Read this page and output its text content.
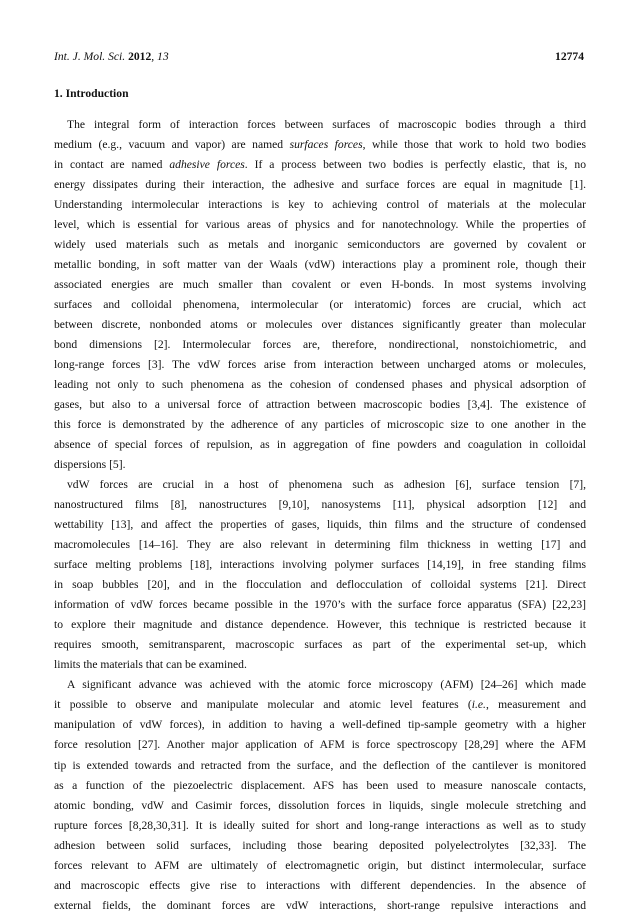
Int. J. Mol. Sci. 2012, 13	12774
1. Introduction
The integral form of interaction forces between surfaces of macroscopic bodies through a third
medium (e.g., vacuum and vapor) are named surfaces forces, while those that work to hold two bodies
in contact are named adhesive forces. If a process between two bodies is perfectly elastic, that is, no
energy dissipates during their interaction, the adhesive and surface forces are equal in magnitude [1].
Understanding intermolecular interactions is key to achieving control of materials at the molecular
level, which is essential for various areas of physics and for nanotechnology. While the properties of
widely used materials such as metals and inorganic semiconductors are governed by covalent or
metallic bonding, in soft matter van der Waals (vdW) interactions play a prominent role, though their
associated energies are much smaller than covalent or even H-bonds. In most systems involving
surfaces and colloidal phenomena, intermolecular (or interatomic) forces are crucial, which act
between discrete, nonbonded atoms or molecules over distances significantly greater than molecular
bond dimensions [2]. Intermolecular forces are, therefore, nondirectional, nonstoichiometric, and
long-range forces [3]. The vdW forces arise from interaction between uncharged atoms or molecules,
leading not only to such phenomena as the cohesion of condensed phases and physical adsorption of
gases, but also to a universal force of attraction between macroscopic bodies [3,4]. The existence of
this force is demonstrated by the adherence of any particles of microscopic size to one another in the
absence of special forces of repulsion, as in aggregation of fine powders and coagulation in colloidal
dispersions [5].
vdW forces are crucial in a host of phenomena such as adhesion [6], surface tension [7],
nanostructured films [8], nanostructures [9,10], nanosystems [11], physical adsorption [12] and
wettability [13], and affect the properties of gases, liquids, thin films and the structure of condensed
macromolecules [14–16]. They are also relevant in determining film thickness in wetting [17] and
surface melting problems [18], interactions involving polymer surfaces [14,19], in free standing films
in soap bubbles [20], and in the flocculation and deflocculation of colloidal systems [21]. Direct
information of vdW forces became possible in the 1970’s with the surface force apparatus (SFA) [22,23]
to explore their magnitude and distance dependence. However, this technique is restricted because it
requires smooth, semitransparent, macroscopic surfaces as part of the experimental set-up, which
limits the materials that can be examined.
A significant advance was achieved with the atomic force microscopy (AFM) [24–26] which made
it possible to observe and manipulate molecular and atomic level features (i.e., measurement and
manipulation of vdW forces), in addition to having a well-defined tip-sample geometry with a higher
force resolution [27]. Another major application of AFM is force spectroscopy [28,29] where the AFM
tip is extended towards and retracted from the surface, and the deflection of the cantilever is monitored
as a function of the piezoelectric displacement. AFS has been used to measure nanoscale contacts,
atomic bonding, vdW and Casimir forces, dissolution forces in liquids, single molecule stretching and
rupture forces [8,28,30,31]. It is ideally suited for short and long-range interactions as well as to study
adhesion between solid surfaces, including those bearing deposited polyelectrolytes [32,33]. The
forces relevant to AFM are ultimately of electromagnetic origin, but distinct intermolecular, surface
and macroscopic effects give rise to interactions with different dependencies. In the absence of
external fields, the dominant forces are vdW interactions, short-range repulsive interactions and
